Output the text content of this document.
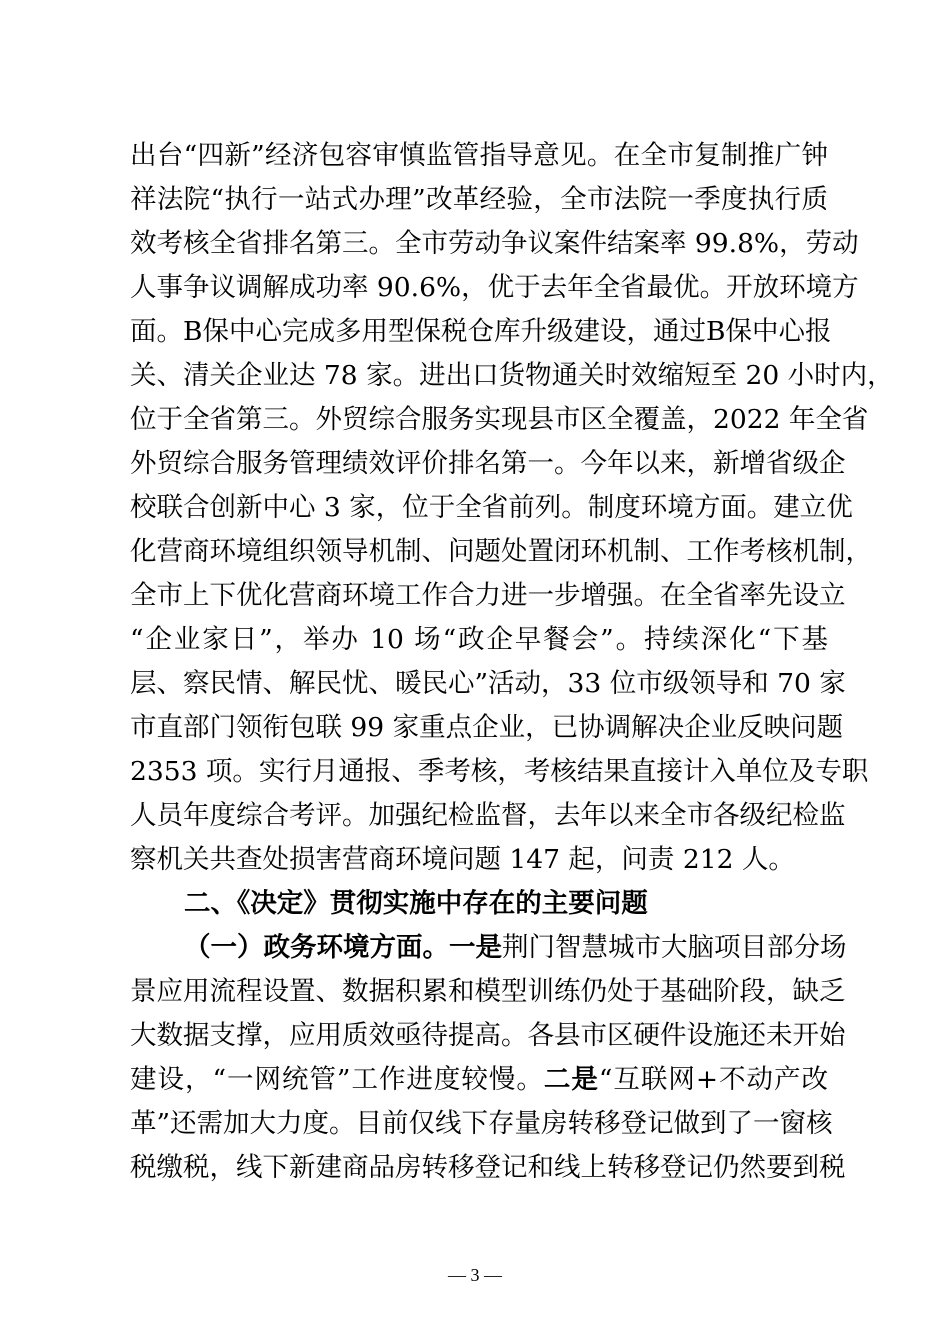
出台“四新”经济包容审慎监管指导意见。在全市复制推广钟
祥法院“执行一站式办理”改革经验，全市法院一季度执行质
效考核全省排名第三。全市劳动争议案件结案率 99.8%，劳动
人事争议调解成功率 90.6%，优于去年全省最优。开放环境方
面。B保中心完成多用型保税仓库升级建设，通过B保中心报
关、清关企业达 78 家。进出口货物通关时效缩短至 20 小时内，
位于全省第三。外贸综合服务实现县市区全覆盖，2022 年全省
外贸综合服务管理绩效评价排名第一。今年以来，新增省级企
校联合创新中心 3 家，位于全省前列。制度环境方面。建立优
化营商环境组织领导机制、问题处置闭环机制、工作考核机制，
全市上下优化营商环境工作合力进一步增强。在全省率先设立
“企业家日”，举办 10 场“政企早餐会”。持续深化“下基
层、察民情、解民忧、暖民心”活动，33 位市级领导和 70 家
市直部门领衔包联 99 家重点企业，已协调解决企业反映问题
2353 项。实行月通报、季考核，考核结果直接计入单位及专职
人员年度综合考评。加强纪检监督，去年以来全市各级纪检监
察机关共查处损害营商环境问题 147 起，问责 212 人。
二、《决定》贯彻实施中存在的主要问题
（一）政务环境方面。一是荆门智慧城市大脑项目部分场
景应用流程设置、数据积累和模型训练仍处于基础阶段，缺乏
大数据支撑，应用质效亟待提高。各县市区硬件设施还未开始
建设，“一网统管”工作进度较慢。二是“互联网+不动产改
革”还需加大力度。目前仅线下存量房转移登记做到了一窗核
税缴税，线下新建商品房转移登记和线上转移登记仍然要到税
— 3 —
